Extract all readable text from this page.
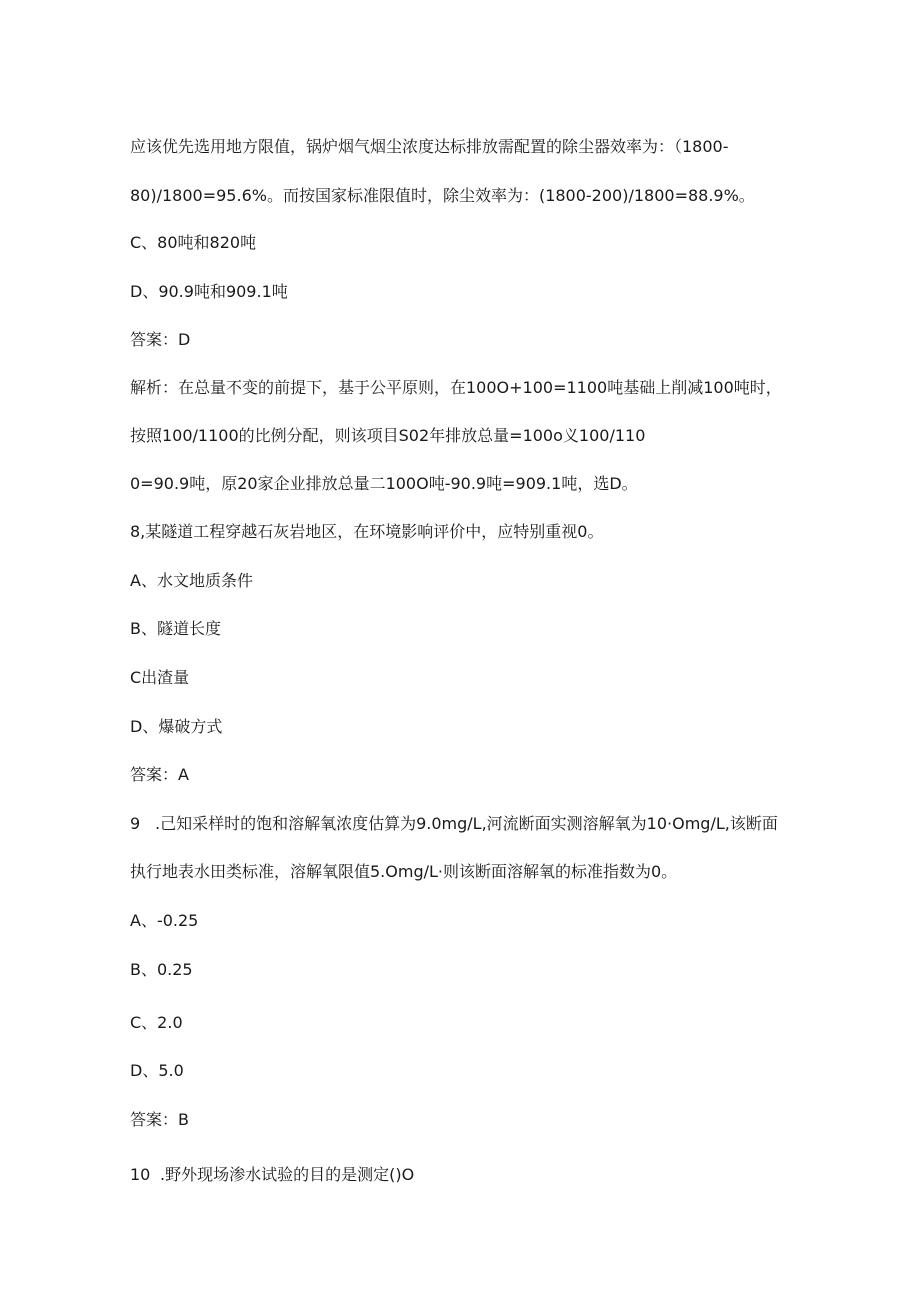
应该优先选用地方限值，锅炉烟气烟尘浓度达标排放需配置的除尘器效率为：（1800-
80)/1800=95.6%。而按国家标准限值时，除尘效率为：(1800-200)/1800=88.9%。
C、80吨和820吨
D、90.9吨和909.1吨
答案：D
解析：在总量不变的前提下，基于公平原则，在100O+100=1100吨基础上削减100吨时，
按照100/1100的比例分配，则该项目S02年排放总量=100o义100/110
0=90.9吨，原20家企业排放总量二100O吨-90.9吨=909.1吨，选D。
8,某隧道工程穿越石灰岩地区，在环境影响评价中，应特别重视0。
A、水文地质条件
B、隧道长度
C出渣量
D、爆破方式
答案：A
9 .己知采样时的饱和溶解氧浓度估算为9.0mg∕L,河流断面实测溶解氧为10·Omg∕L,该断面
执行地表水田类标准，溶解氧限值5.Omg∕L·则该断面溶解氧的标准指数为0。
A、-0.25
B、0.25
C、2.0
D、5.0
答案：B
10 .野外现场渗水试验的目的是测定()O
